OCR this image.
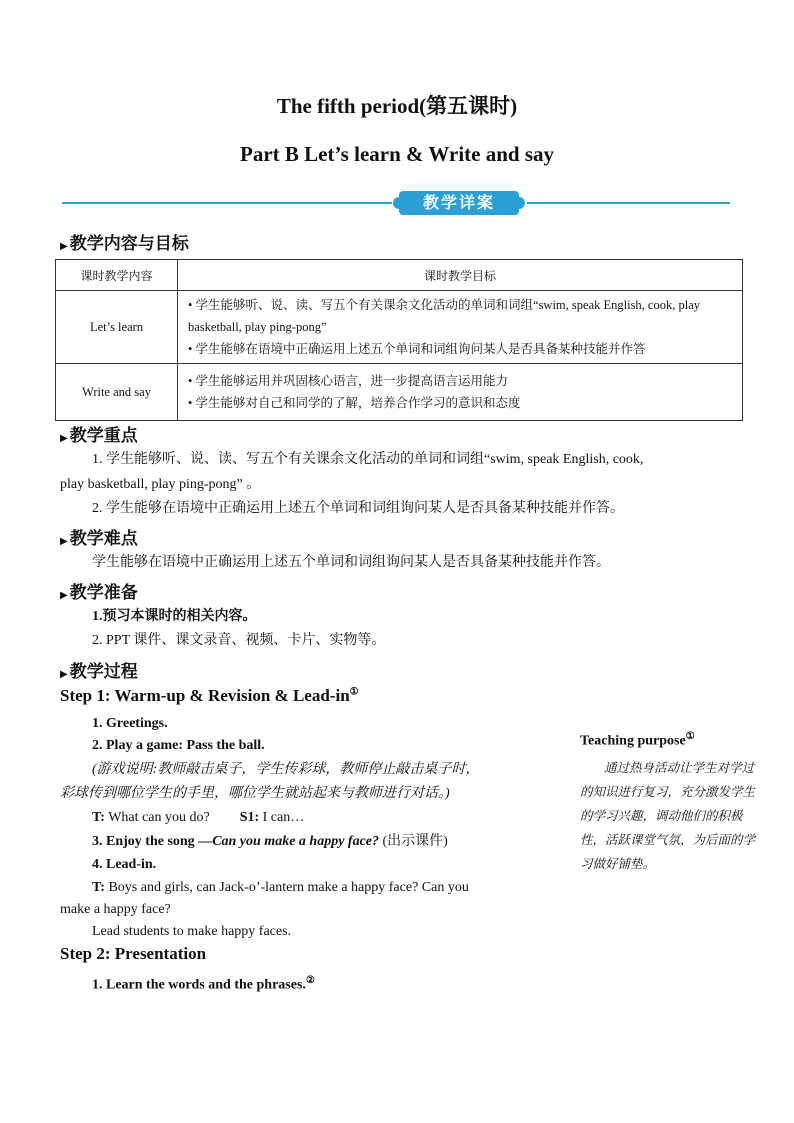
The fifth period(第五课时)
Part B Let’s learn & Write and say
教学详案
▶ 教学内容与目标
课时教学内容	课时教学目标
Let’s learn	• 学生能够听、说、读、写五个有关课余文化活动的单词和词组“swim, speak English, cook, play basketball, play ping-pong”
• 学生能够在语境中正确运用上述五个单词和词组询问某人是否具备某种技能并作答

Write and say	• 学生能够运用并巩固核心语言，进一步提高语言运用能力
• 学生能够对自己和同学的了解，培养合作学习的意识和态度
▶ 教学重点
1. 学生能够听、说、读、写五个有关课余文化活动的单词和词组“swim, speak English, cook,
play basketball, play ping-pong” 。
2. 学生能够在语境中正确运用上述五个单词和词组询问某人是否具备某种技能并作答。
▶ 教学难点
学生能够在语境中正确运用上述五个单词和词组询问某人是否具备某种技能并作答。
▶ 教学准备
1.预习本课时的相关内容。
2. PPT 课件、课文录音、视频、卡片、实物等。
▶ 教学过程
Step 1: Warm-up & Revision & Lead-in①
1. Greetings.
2. Play a game: Pass the ball.
(游戏说明:教师敲击桌子，学生传彩球，教师停止敲击桌子时，
彩球传到哪位学生的手里，哪位学生就站起来与教师进行对话。)
T: What can you do? S1: I can…
3. Enjoy the song —Can you make a happy face? (出示课件)
4. Lead-in.
T: Boys and girls, can Jack-o’-lantern make a happy face? Can you
make a happy face?
Lead students to make happy faces.
Step 2: Presentation
1. Learn the words and the phrases.②
Teaching purpose①
通过热身活动让学生对学过的知识进行复习，充分激发学生的学习兴趣，调动他们的积极性，活跃课堂气氛，为后面的学习做好铺垫。
